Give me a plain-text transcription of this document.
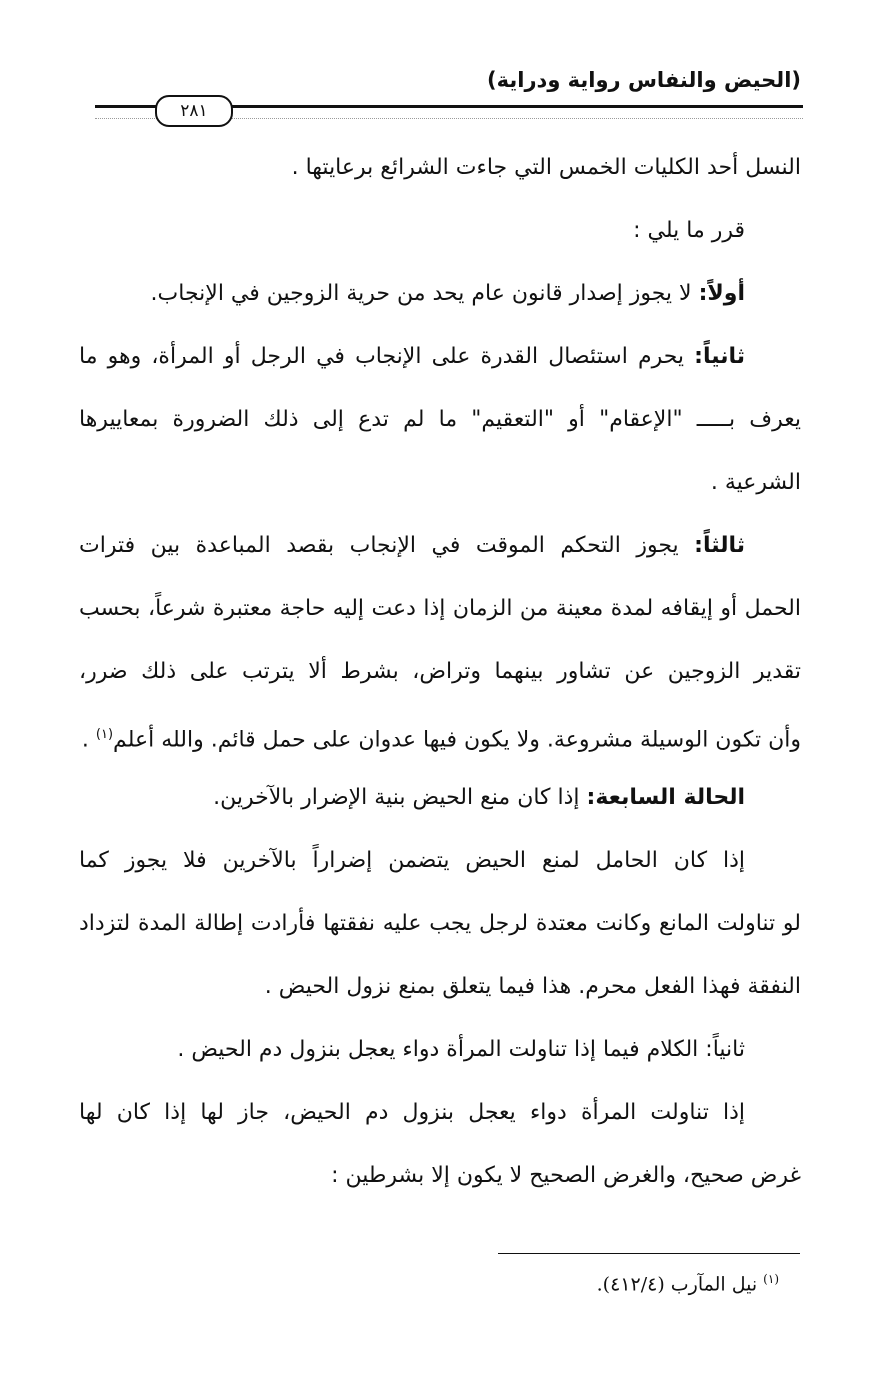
(الحيض والنفاس رواية ودراية)
٢٨١
النسل أحد الكليات الخمس التي جاءت الشرائع برعايتها .
قرر ما يلي :
أولاً: لا يجوز إصدار قانون عام يحد من حرية الزوجين في الإنجاب.
ثانياً: يحرم استئصال القدرة على الإنجاب في الرجل أو المرأة، وهو ما
يعرف بـــــ "الإعقام" أو "التعقيم" ما لم تدع إلى ذلك الضرورة بمعاييرها
الشرعية .
ثالثاً: يجوز التحكم الموقت في الإنجاب بقصد المباعدة بين فترات
الحمل أو إيقافه لمدة معينة من الزمان إذا دعت إليه حاجة معتبرة شرعاً، بحسب
تقدير الزوجين عن تشاور بينهما وتراض، بشرط ألا يترتب على ذلك ضرر،
وأن تكون الوسيلة مشروعة. ولا يكون فيها عدوان على حمل قائم. والله أعلم$^{(١)}$ .
الحالة السابعة: إذا كان منع الحيض بنية الإضرار بالآخرين.
إذا كان الحامل لمنع الحيض يتضمن إضراراً بالآخرين فلا يجوز كما
لو تناولت المانع وكانت معتدة لرجل يجب عليه نفقتها فأرادت إطالة المدة لتزداد
النفقة فهذا الفعل محرم. هذا فيما يتعلق بمنع نزول الحيض .
ثانياً: الكلام فيما إذا تناولت المرأة دواء يعجل بنزول دم الحيض .
إذا تناولت المرأة دواء يعجل بنزول دم الحيض، جاز لها إذا كان لها
غرض صحيح، والغرض الصحيح لا يكون إلا بشرطين :
$^{(١)}$ نيل المآرب (٤١٢/٤).
